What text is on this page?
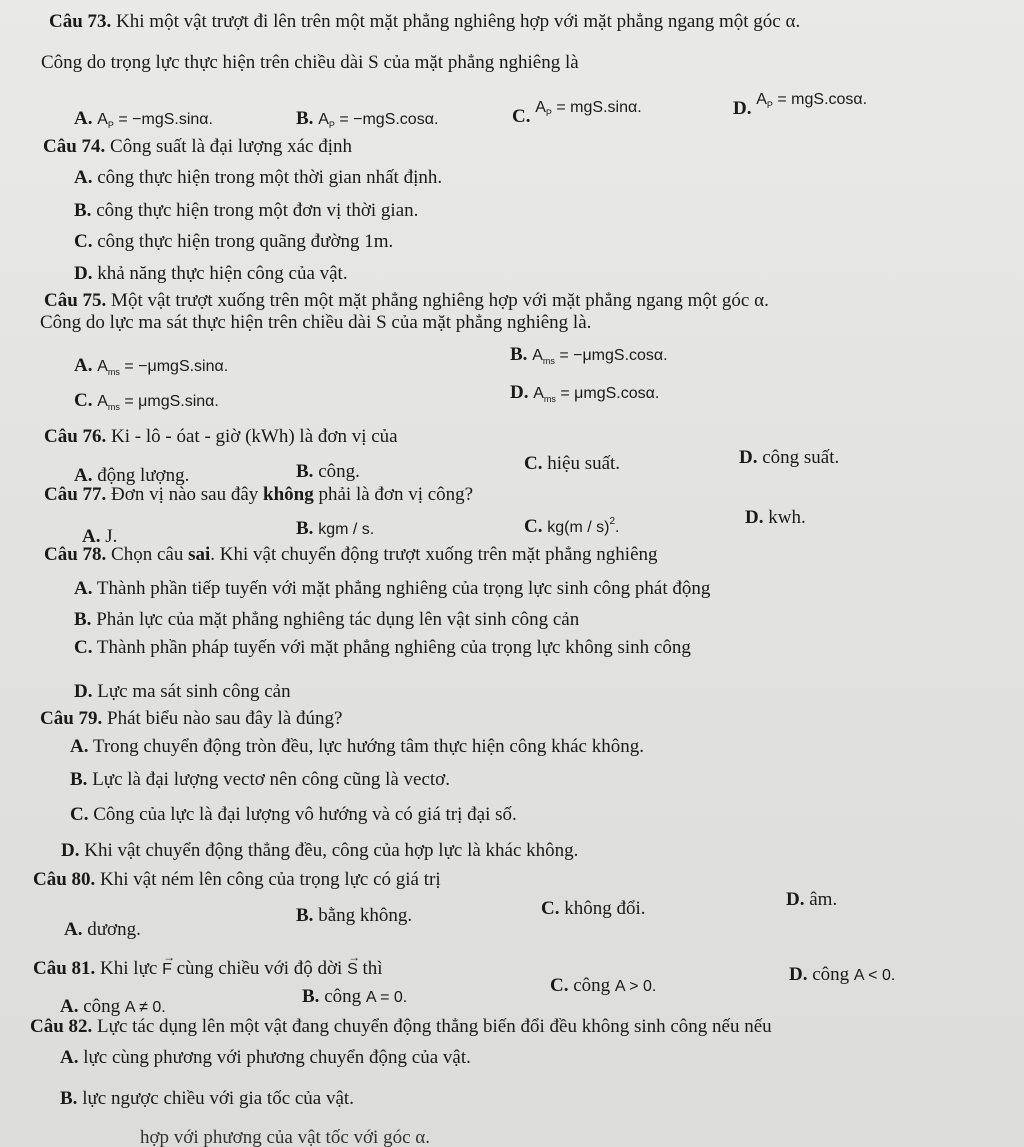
Câu 73. Khi một vật trượt đi lên trên một mặt phẳng nghiêng hợp với mặt phẳng ngang một góc α.
Công do trọng lực thực hiện trên chiều dài S của mặt phẳng nghiêng là
A. $A_P = -mgS.\sin\alpha$.	B. $A_P = -mgS.\cos\alpha$.	C. $A_P = mgS.\sin\alpha$.	D. $A_P = mgS.\cos\alpha$.
Câu 74. Công suất là đại lượng xác định
A. công thực hiện trong một thời gian nhất định.
B. công thực hiện trong một đơn vị thời gian.
C. công thực hiện trong quãng đường 1m.
D. khả năng thực hiện công của vật.
Câu 75. Một vật trượt xuống trên một mặt phẳng nghiêng hợp với mặt phẳng ngang một góc α.
Công do lực ma sát thực hiện trên chiều dài S của mặt phẳng nghiêng là.
A. $A_{ms} = -\mu mgS.\sin\alpha$.
B. $A_{ms} = -\mu mgS.\cos\alpha$.
C. $A_{ms} = \mu mgS.\sin\alpha$.	D. $A_{ms} = \mu mgS.\cos\alpha$.
Câu 76. Ki - lô - óat - giờ (kWh) là đơn vị của
A. động lượng.	B. công.	C. hiệu suất.	D. công suất.
Câu 77. Đơn vị nào sau đây không phải là đơn vị công?
A. J.	B. kgm / s.	C. kg(m / s)$^2$.	D. kwh.
Câu 78. Chọn câu sai. Khi vật chuyển động trượt xuống trên mặt phẳng nghiêng
A. Thành phần tiếp tuyến với mặt phẳng nghiêng của trọng lực sinh công phát động
B. Phản lực của mặt phẳng nghiêng tác dụng lên vật sinh công cản
C. Thành phần pháp tuyến với mặt phẳng nghiêng của trọng lực không sinh công
D. Lực ma sát sinh công cản
Câu 79. Phát biểu nào sau đây là đúng?
A. Trong chuyển động tròn đều, lực hướng tâm thực hiện công khác không.
B. Lực là đại lượng vectơ nên công cũng là vectơ.
C. Công của lực là đại lượng vô hướng và có giá trị đại số.
D. Khi vật chuyển động thẳng đều, công của hợp lực là khác không.
Câu 80. Khi vật ném lên công của trọng lực có giá trị
A. dương.
B. bằng không.	C. không đổi.	D. âm.
Câu 81. Khi lực → F cùng chiều với độ dời → S thì
A. công A ≠ 0.
B. công A = 0.
C. công A > 0.
D. công A < 0.
Câu 82. Lực tác dụng lên một vật đang chuyển động thẳng biến đổi đều không sinh công nếu nếu
A. lực cùng phương với phương chuyển động của vật.
B. lực ngược chiều với gia tốc của vật.
hợp với phương của vật tốc với góc α.
